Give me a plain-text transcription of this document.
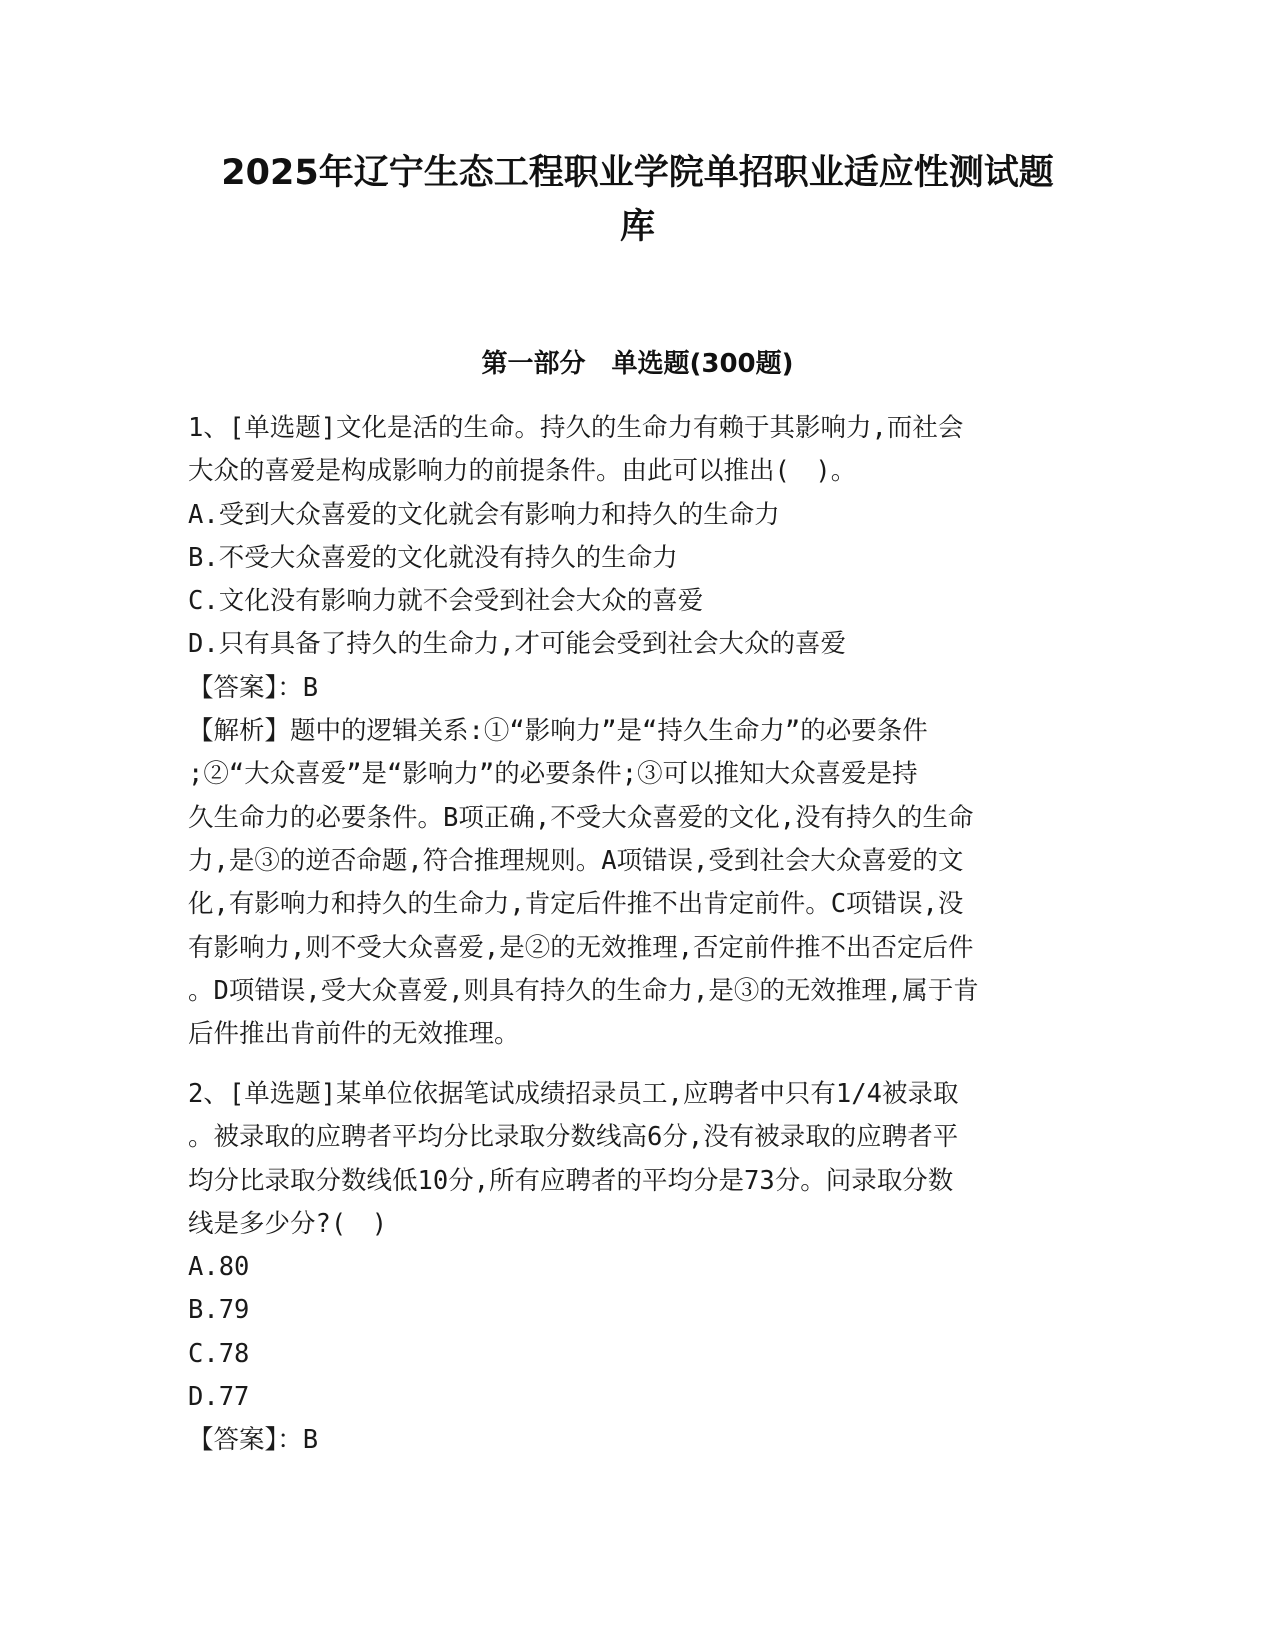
2025年辽宁生态工程职业学院单招职业适应性测试题
库
第一部分　单选题(300题)
1、[单选题]文化是活的生命。持久的生命力有赖于其影响力,而社会
大众的喜爱是构成影响力的前提条件。由此可以推出(　)。
A.受到大众喜爱的文化就会有影响力和持久的生命力
B.不受大众喜爱的文化就没有持久的生命力
C.文化没有影响力就不会受到社会大众的喜爱
D.只有具备了持久的生命力,才可能会受到社会大众的喜爱
【答案】：B
【解析】题中的逻辑关系:①“影响力”是“持久生命力”的必要条件
;②“大众喜爱”是“影响力”的必要条件;③可以推知大众喜爱是持
久生命力的必要条件。B项正确,不受大众喜爱的文化,没有持久的生命
力,是③的逆否命题,符合推理规则。A项错误,受到社会大众喜爱的文
化,有影响力和持久的生命力,肯定后件推不出肯定前件。C项错误,没
有影响力,则不受大众喜爱,是②的无效推理,否定前件推不出否定后件
。D项错误,受大众喜爱,则具有持久的生命力,是③的无效推理,属于肯
后件推出肯前件的无效推理。
2、[单选题]某单位依据笔试成绩招录员工,应聘者中只有1/4被录取
。被录取的应聘者平均分比录取分数线高6分,没有被录取的应聘者平
均分比录取分数线低10分,所有应聘者的平均分是73分。问录取分数
线是多少分?(　)
A.80
B.79
C.78
D.77
【答案】：B
